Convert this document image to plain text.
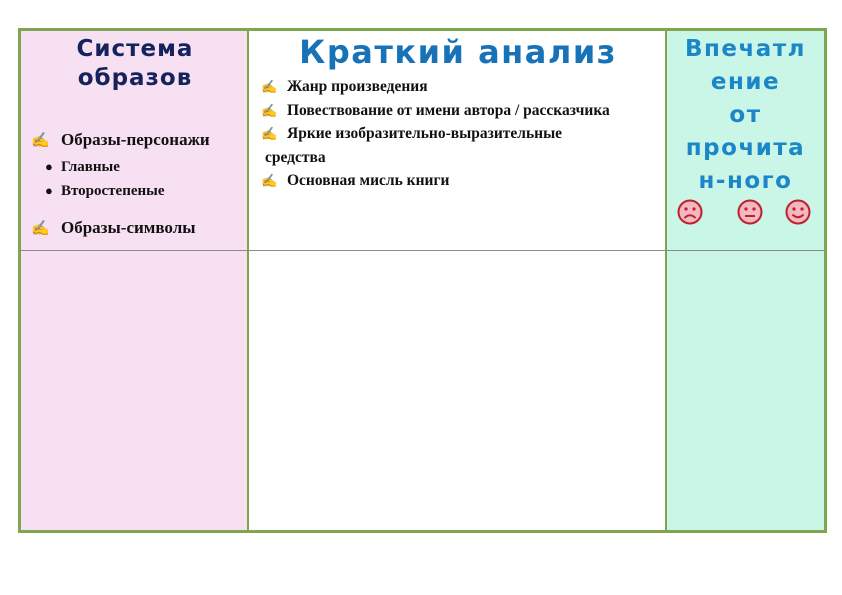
Система
образов
✍ Образы-персонажи
● Главные
● Второстепеные
✍ Образы-символы
Краткий анализ
✍ Жанр произведения
✍ Повествование от имени автора / рассказчика
✍ Яркие изобразительно-выразительные
средства
✍ Основная мисль книги
Впечатл
ение
от
прочита
н-ного
